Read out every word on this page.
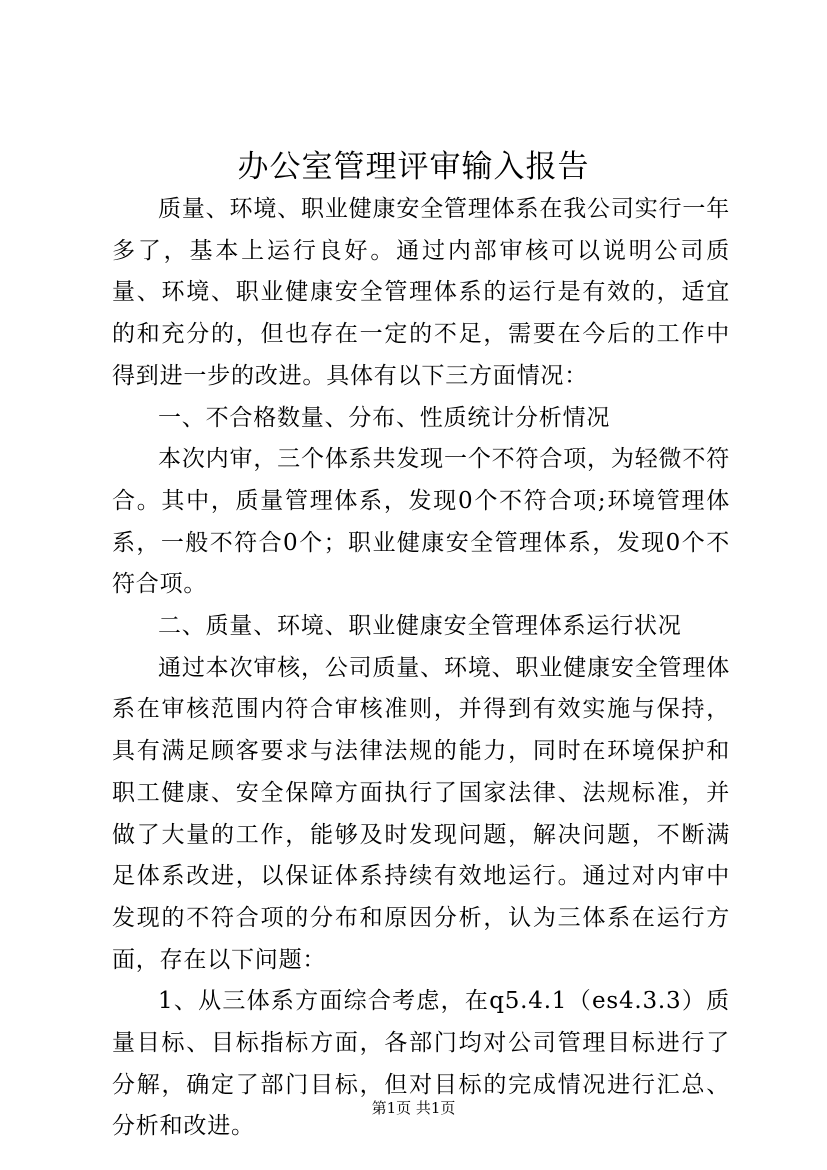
办公室管理评审输入报告

质量、环境、职业健康安全管理体系在我公司实行一年多了，基本上运行良好。通过内部审核可以说明公司质量、环境、职业健康安全管理体系的运行是有效的，适宜的和充分的，但也存在一定的不足，需要在今后的工作中得到进一步的改进。具体有以下三方面情况：

一、不合格数量、分布、性质统计分析情况

本次内审，三个体系共发现一个不符合项，为轻微不符合。其中，质量管理体系，发现0个不符合项;环境管理体系，一般不符合0个；职业健康安全管理体系，发现0个不符合项。

二、质量、环境、职业健康安全管理体系运行状况

通过本次审核，公司质量、环境、职业健康安全管理体系在审核范围内符合审核准则，并得到有效实施与保持，具有满足顾客要求与法律法规的能力，同时在环境保护和职工健康、安全保障方面执行了国家法律、法规标准，并做了大量的工作，能够及时发现问题，解决问题，不断满足体系改进，以保证体系持续有效地运行。通过对内审中发现的不符合项的分布和原因分析，认为三体系在运行方面，存在以下问题：

1、从三体系方面综合考虑，在q5.4.1（es4.3.3）质量目标、目标指标方面，各部门均对公司管理目标进行了分解，确定了部门目标，但对目标的完成情况进行汇总、分析和改进。

第1页 共1页
